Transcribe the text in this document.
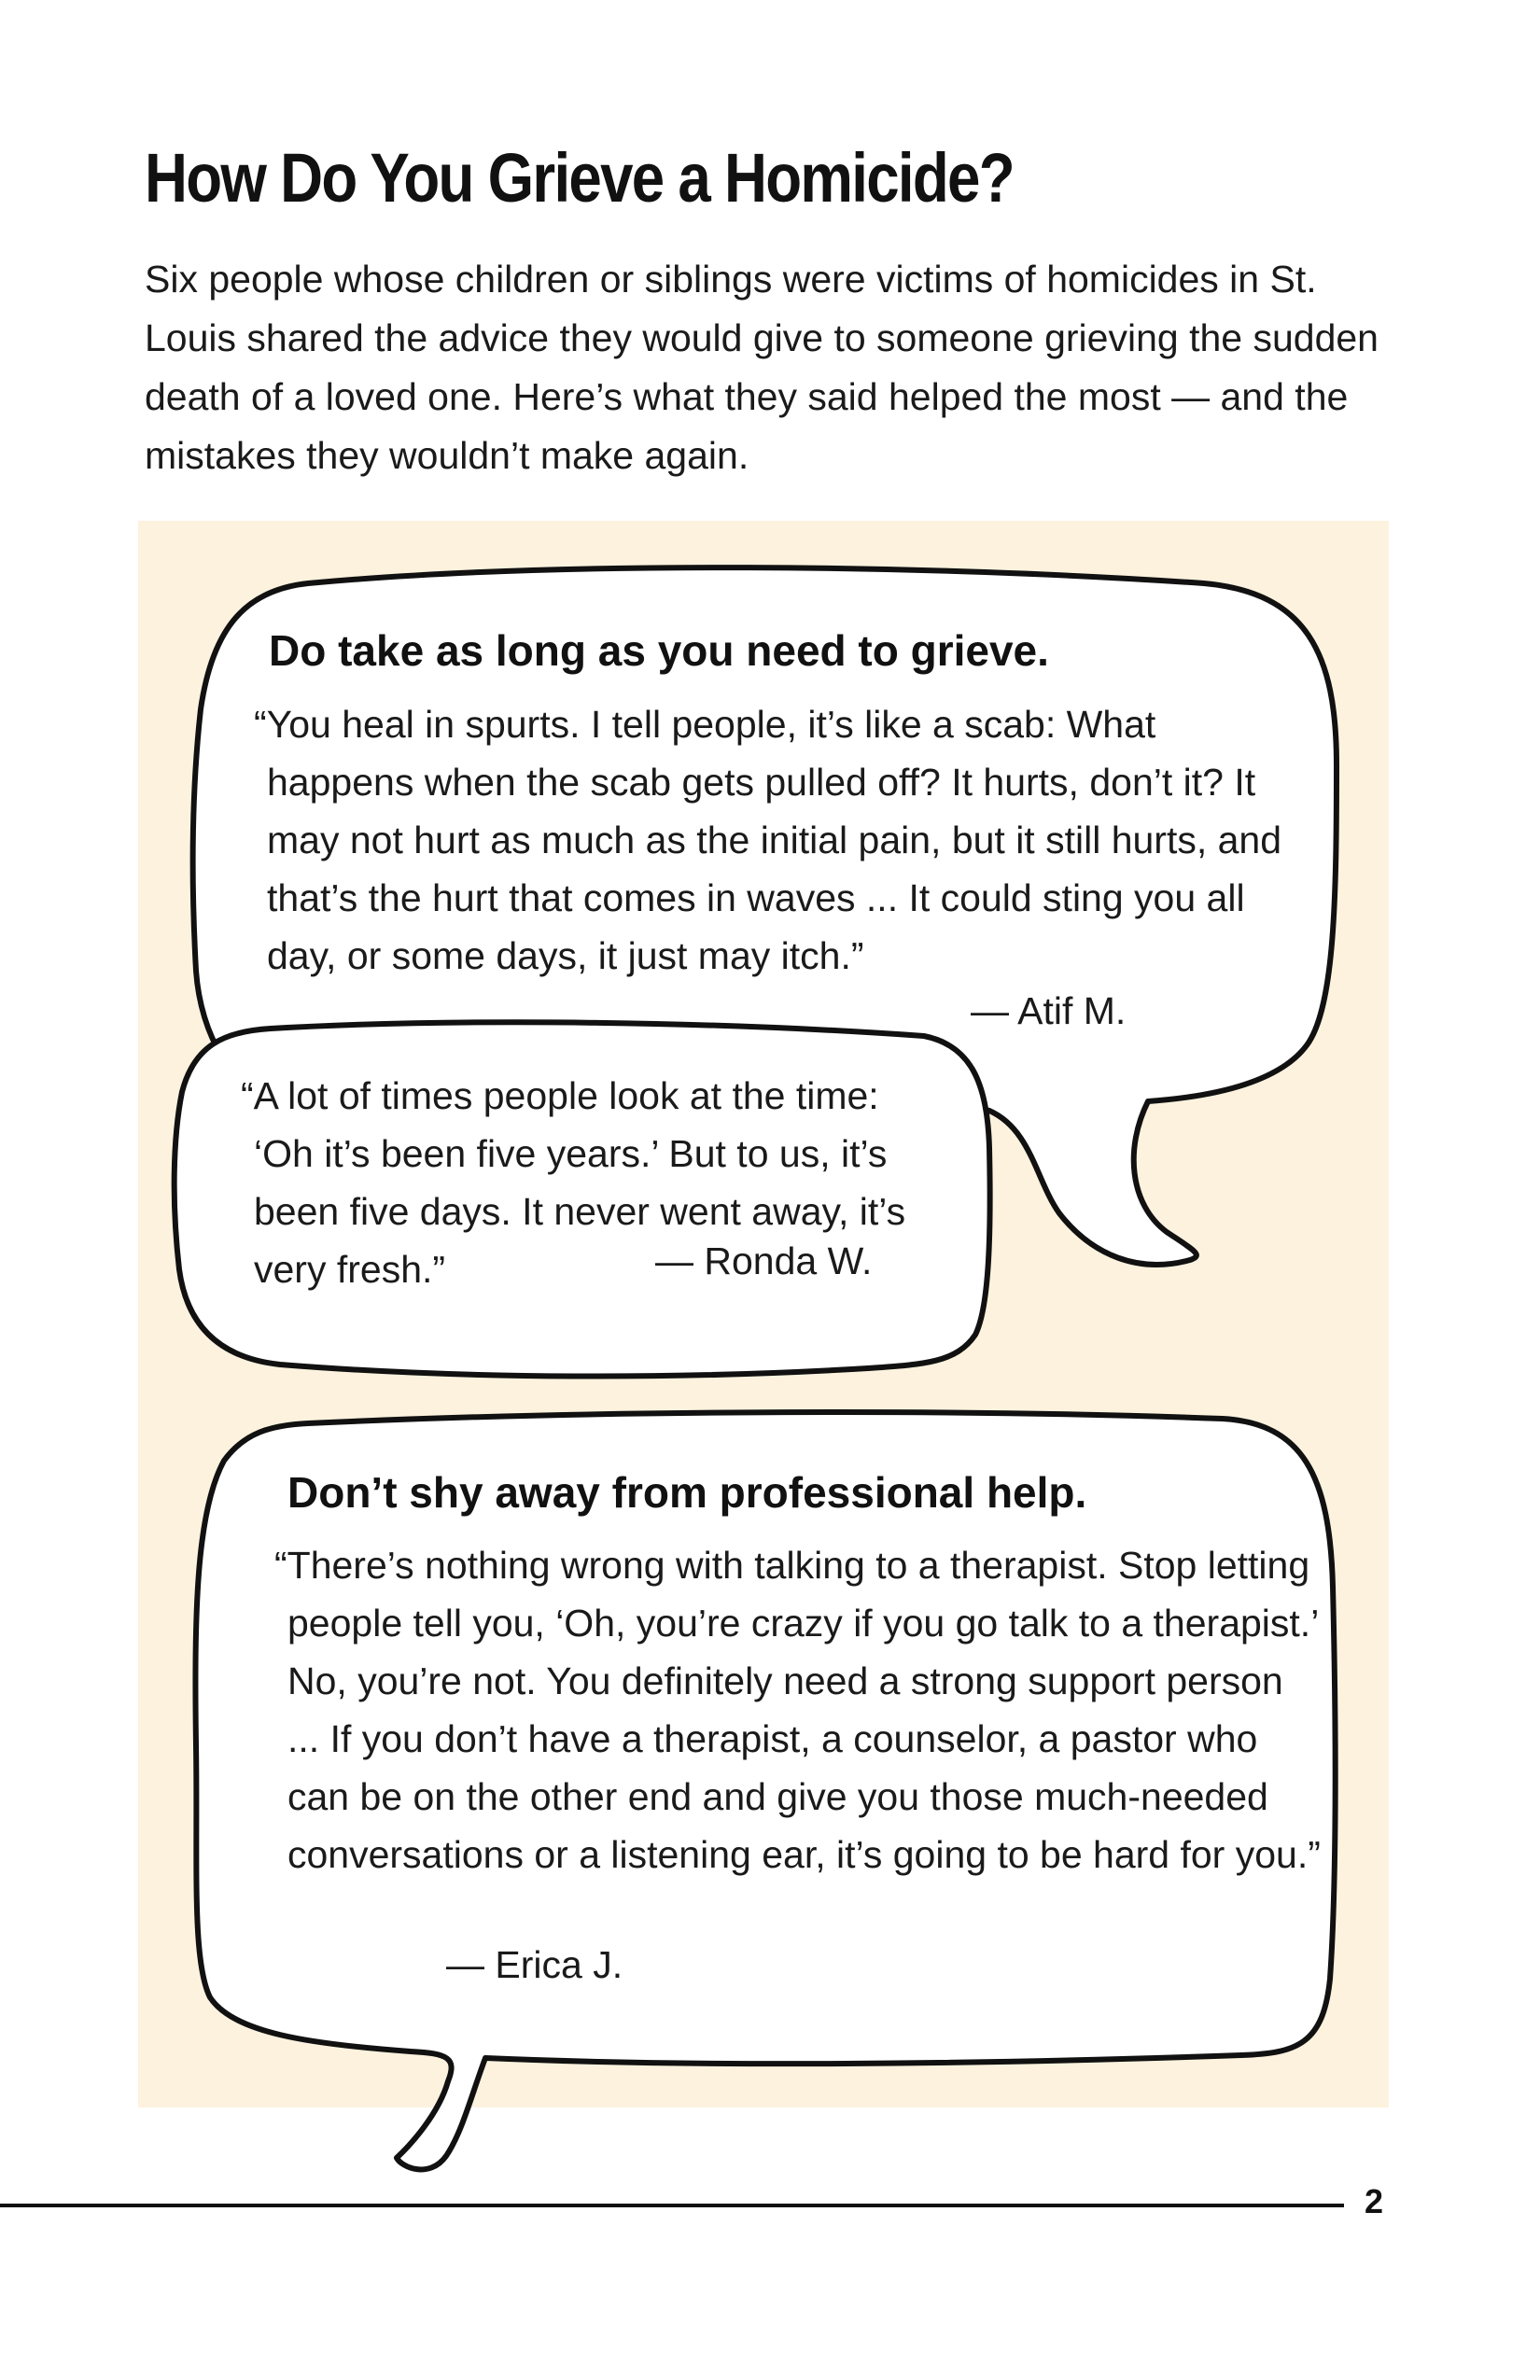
How Do You Grieve a Homicide?

Six people whose children or siblings were victims of homicides in St. Louis shared the advice they would give to someone grieving the sudden death of a loved one. Here’s what they said helped the most — and the mistakes they wouldn’t make again.

Do take as long as you need to grieve.

“You heal in spurts. I tell people, it’s like a scab: What happens when the scab gets pulled off? It hurts, don’t it? It may not hurt as much as the initial pain, but it still hurts, and that’s the hurt that comes in waves ... It could sting you all day, or some days, it just may itch.”

— Atif M.

“A lot of times people look at the time: ‘Oh it’s been five years.’ But to us, it’s been five days. It never went away, it’s very fresh.”	— Ronda W.
Don’t shy away from professional help.

“There’s nothing wrong with talking to a therapist. Stop letting people tell you, ‘Oh, you’re crazy if you go talk to a therapist.’ No, you’re not. You definitely need a strong support person ... If you don’t have a therapist, a counselor, a pastor who can be on the other end and give you those much-needed conversations or a listening ear, it’s going to be hard for you.”

— Erica J.
2
